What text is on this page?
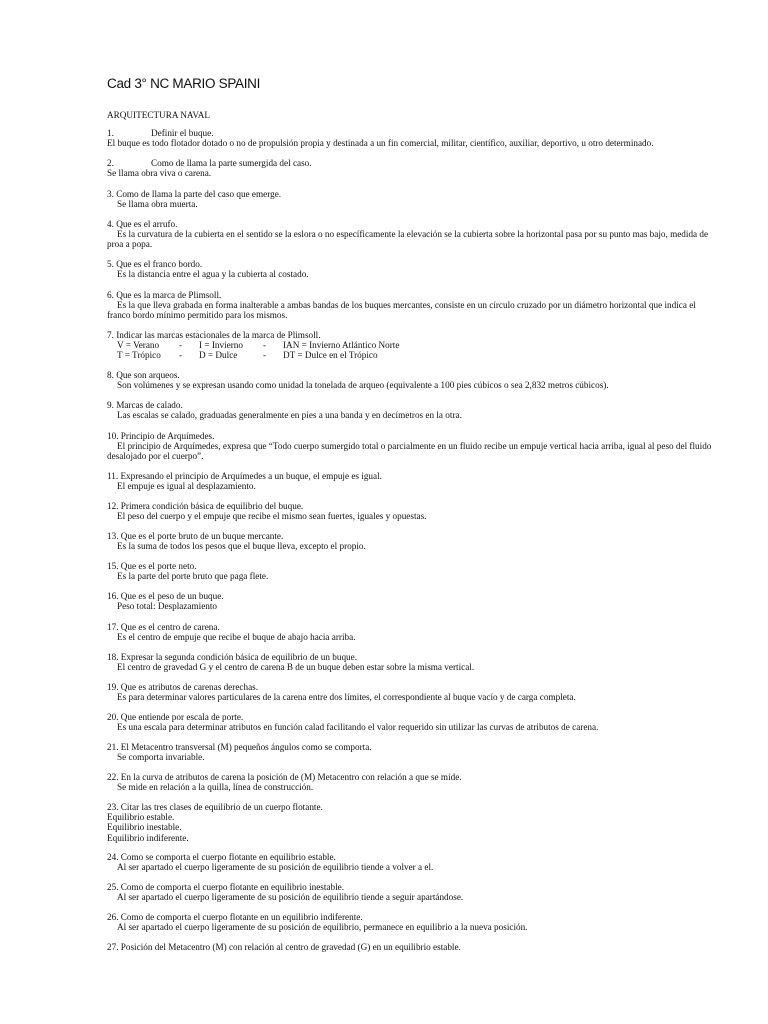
Cad 3° NC MARIO SPAINI
ARQUITECTURA NAVAL
1.	Definir el buque.
El buque es todo flotador dotado o no de propulsión propia y destinada a un fin comercial, militar, científico, auxiliar, deportivo, u otro determinado.
2.	Como de llama la parte sumergida del caso.
Se llama obra viva o carena.
3. Como de llama la parte del caso que emerge.
Se llama obra muerta.
4. Que es el arrufo.
Es la curvatura de la cubierta en el sentido se la eslora o no específicamente la elevación se la cubierta sobre la horizontal pasa por su punto mas bajo, medida de proa a popa.
5. Que es el franco bordo.
Es la distancia entre el agua y la cubierta al costado.
6. Que es la marca de Plimsoll.
Es la que lleva grabada en forma inalterable a ambas bandas de los buques mercantes, consiste en un círculo cruzado por un diámetro horizontal que indica el franco bordo mínimo permitido para los mismos.
7. Indicar las marcas estacionales de la marca de Plimsoll.
V = Verano - I = Invierno - IAN = Invierno Atlántico Norte
T = Trópico - D = Dulce	- DT = Dulce en el Trópico
8. Que son arqueos.
Son volúmenes y se expresan usando como unidad la tonelada de arqueo (equivalente a 100 pies cúbicos o sea 2,832 metros cúbicos).
9. Marcas de calado.
Las escalas se calado, graduadas generalmente en pies a una banda y en decímetros en la otra.
10. Principio de Arquímedes.
El principio de Arquímedes, expresa que “Todo cuerpo sumergido total o parcialmente en un fluido recibe un empuje vertical hacia arriba, igual al peso del fluido desalojado por el cuerpo”.
11. Expresando el principio de Arquímedes a un buque, el empuje es igual.
El empuje es igual al desplazamiento.
12. Primera condición básica de equilibrio del buque.
El peso del cuerpo y el empuje que recibe el mismo sean fuertes, iguales y opuestas.
13. Que es el porte bruto de un buque mercante.
Es la suma de todos los pesos que el buque lleva, excepto el propio.
15. Que es el porte neto.
Es la parte del porte bruto que paga flete.
16. Que es el peso de un buque.
Peso total: Desplazamiento
17. Que es el centro de carena.
Es el centro de empuje que recibe el buque de abajo hacia arriba.
18. Expresar la segunda condición básica de equilibrio de un buque.
El centro de gravedad G y el centro de carena B de un buque deben estar sobre la misma vertical.
19. Que es atributos de carenas derechas.
Es para determinar valores particulares de la carena entre dos límites, el correspondiente al buque vacío y de carga completa.
20. Que entiende por escala de porte.
Es una escala para determinar atributos en función calad facilitando el valor requerido sin utilizar las curvas de atributos de carena.
21. El Metacentro transversal (M) pequeños ángulos como se comporta.
Se comporta invariable.
22. En la curva de atributos de carena la posición de (M) Metacentro con relación a que se mide.
Se mide en relación a la quilla, línea de construcción.
23. Citar las tres clases de equilibrio de un cuerpo flotante.
Equilibrio estable.
Equilibrio inestable.
Equilibrio indiferente.
24. Como se comporta el cuerpo flotante en equilibrio estable.
Al ser apartado el cuerpo ligeramente de su posición de equilibrio tiende a volver a el.
25. Como de comporta el cuerpo flotante en equilibrio inestable.
Al ser apartado el cuerpo ligeramente de su posición de equilibrio tiende a seguir apartándose.
26. Como de comporta el cuerpo flotante en un equilibrio indiferente.
Al ser apartado el cuerpo ligeramente de su posición de equilibrio, permanece en equilibrio a la nueva posición.
27. Posición del Metacentro (M) con relación al centro de gravedad (G) en un equilibrio estable.
